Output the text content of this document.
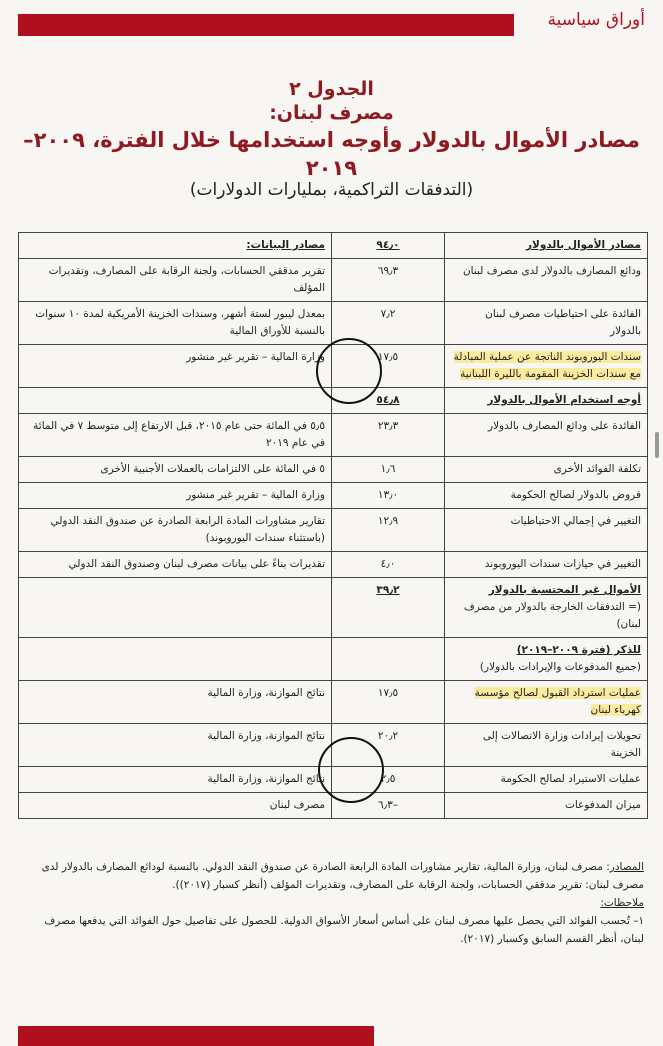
أوراق سياسية
الجدول ٢
مصرف لبنان:
مصادر الأموال بالدولار وأوجه استخدامها خلال الفترة، ٢٠٠٩–٢٠١٩
(التدفقات التراكمية، بمليارات الدولارات)
مصادر الأموال بالدولار	٩٤٫٠	مصادر البيانات:
ودائع المصارف بالدولار لدى مصرف لبنان	٦٩٫٣	تقرير مدققي الحسابات، ولجنة الرقابة على المصارف، وتقديرات المؤلف
الفائدة على احتياطيات مصرف لبنان بالدولار	٧٫٢	بمعدل ليبور لستة أشهر، وسندات الخزينة الأمريكية لمدة ١٠ سنوات بالنسبة للأوراق المالية
سندات اليوروبوند الناتجة عن عملية المبادلة مع سندات الخزينة المقومة بالليرة اللبنانية	١٧٫٥	وزارة المالية – تقرير غير منشور
أوجه استخدام الأموال بالدولار	٥٤٫٨	
الفائدة على ودائع المصارف بالدولار	٢٣٫٣	٥٫٥ في المائة حتى عام ٢٠١٥، قبل الارتفاع إلى متوسط ٧ في المائة في عام ٢٠١٩
تكلفة الفوائد الأخرى	١٫٦	٥ في المائة على الالتزامات بالعملات الأجنبية الأخرى
قروض بالدولار لصالح الحكومة	١٣٫٠	وزارة المالية – تقرير غير منشور
التغيير في إجمالي الاحتياطيات	١٢٫٩	تقارير مشاورات المادة الرابعة الصادرة عن صندوق النقد الدولي (باستثناء سندات اليوروبوند)
التغيير في حيازات سندات اليوروبوند	٤٫٠	تقديرات بناءً على بيانات مصرف لبنان وصندوق النقد الدولي

الأموال غير المحتسبة بالدولار
(= التدفقات الخارجة بالدولار من مصرف لبنان)	٣٩٫٢	

للذكر (فترة ٢٠٠٩–٢٠١٩)
(جميع المدفوعات والإيرادات بالدولار)		

عمليات استرداد القبول لصالح مؤسسة كهرباء لبنان	١٧٫٥	نتائج الموازنة، وزارة المالية
تحويلات إيرادات وزارة الاتصالات إلى الخزينة	٢٠٫٢	نتائج الموازنة، وزارة المالية
عمليات الاستيراد لصالح الحكومة	٢٫٥	نتائج الموازنة، وزارة المالية
ميزان المدفوعات	–٦٫٣	مصرف لبنان

المصادر: مصرف لبنان، وزارة المالية، تقارير مشاورات المادة الرابعة الصادرة عن صندوق النقد الدولي. بالنسبة لودائع المصارف بالدولار لدى مصرف لبنان: تقرير مدققي الحسابات، ولجنة الرقابة على المصارف، وتقديرات المؤلف (أنظر كسبار (٢٠١٧)).

ملاحظات:

١– تُحسب الفوائد التي يحصل عليها مصرف لبنان على أساس أسعار الأسواق الدولية. للحصول على تفاصيل حول الفوائد التي يدفعها مصرف لبنان، أنظر القسم السابق وكسبار (٢٠١٧).
